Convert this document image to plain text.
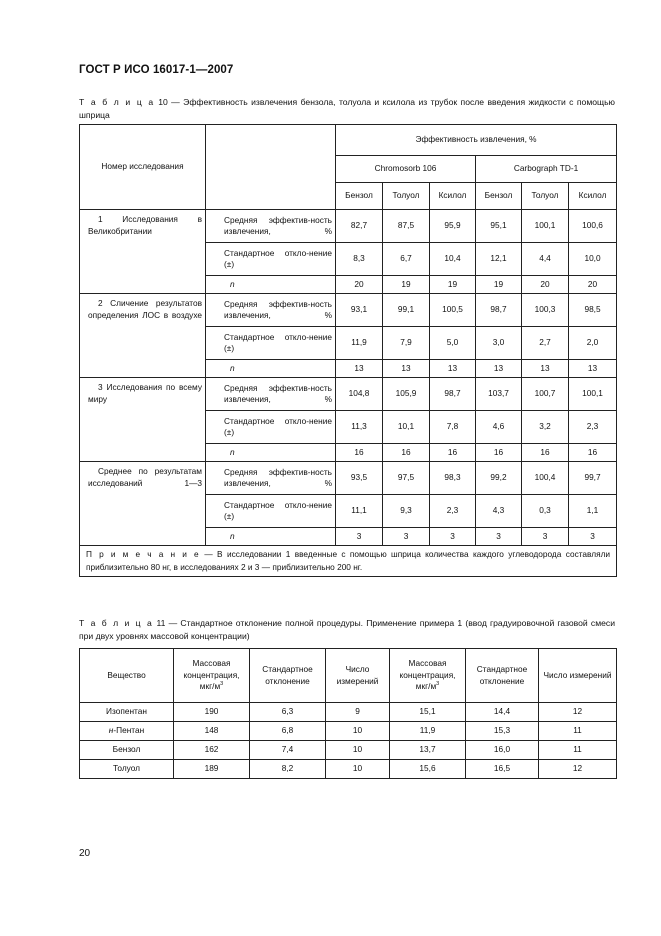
ГОСТ Р ИСО 16017-1—2007
Т а б л и ц а 10 — Эффективность извлечения бензола, толуола и ксилола из трубок после введения жидкости с помощью шприца
Номер исследования		Эффективность извлечения, %					
		Chromosorb 106			Carbograph TD-1		
		Бензол	Толуол	Ксилол	Бензол	Толуол	Ксилол
1 Исследования в Великобритании	Средняя эффектив-ность извлечения, %	82,7	87,5	95,9	95,1	100,1	100,6
	Стандартное откло-нение (±)	8,3	6,7	10,4	12,1	4,4	10,0
	n	20	19	19	19	20	20
2 Сличение результатов определения ЛОС в воздухе	Средняя эффектив-ность извлечения, %	93,1	99,1	100,5	98,7	100,3	98,5
	Стандартное откло-нение (±)	11,9	7,9	5,0	3,0	2,7	2,0
	n	13	13	13	13	13	13
3 Исследования по всему миру	Средняя эффектив-ность извлечения, %	104,8	105,9	98,7	103,7	100,7	100,1
	Стандартное откло-нение (±)	11,3	10,1	7,8	4,6	3,2	2,3
	n	16	16	16	16	16	16
Среднее по результатам исследований 1—3	Средняя эффектив-ность извлечения, %	93,5	97,5	98,3	99,2	100,4	99,7
	Стандартное откло-нение (±)	11,1	9,3	2,3	4,3	0,3	1,1
	n	3	3	3	3	3	3
П р и м е ч а н и е — В исследовании 1 введенные с помощью шприца количества каждого углеводорода составляли приблизительно 80 нг, в исследованиях 2 и 3 — приблизительно 200 нг.							
Т а б л и ц а 11 — Стандартное отклонение полной процедуры. Применение примера 1 (ввод градуировочной газовой смеси при двух уровнях массовой концентрации)
Вещество	Массовая концентрация, мкг/$м^3$	Стандартное отклонение	Число измерений	Массовая концентрация, мкг/$м^3$	Стандартное отклонение	Число измерений
Изопентан	190	6,3	9	15,1	14,4	12
н-Пентан	148	6,8	10	11,9	15,3	11
Бензол	162	7,4	10	13,7	16,0	11
Толуол	189	8,2	10	15,6	16,5	12
20
